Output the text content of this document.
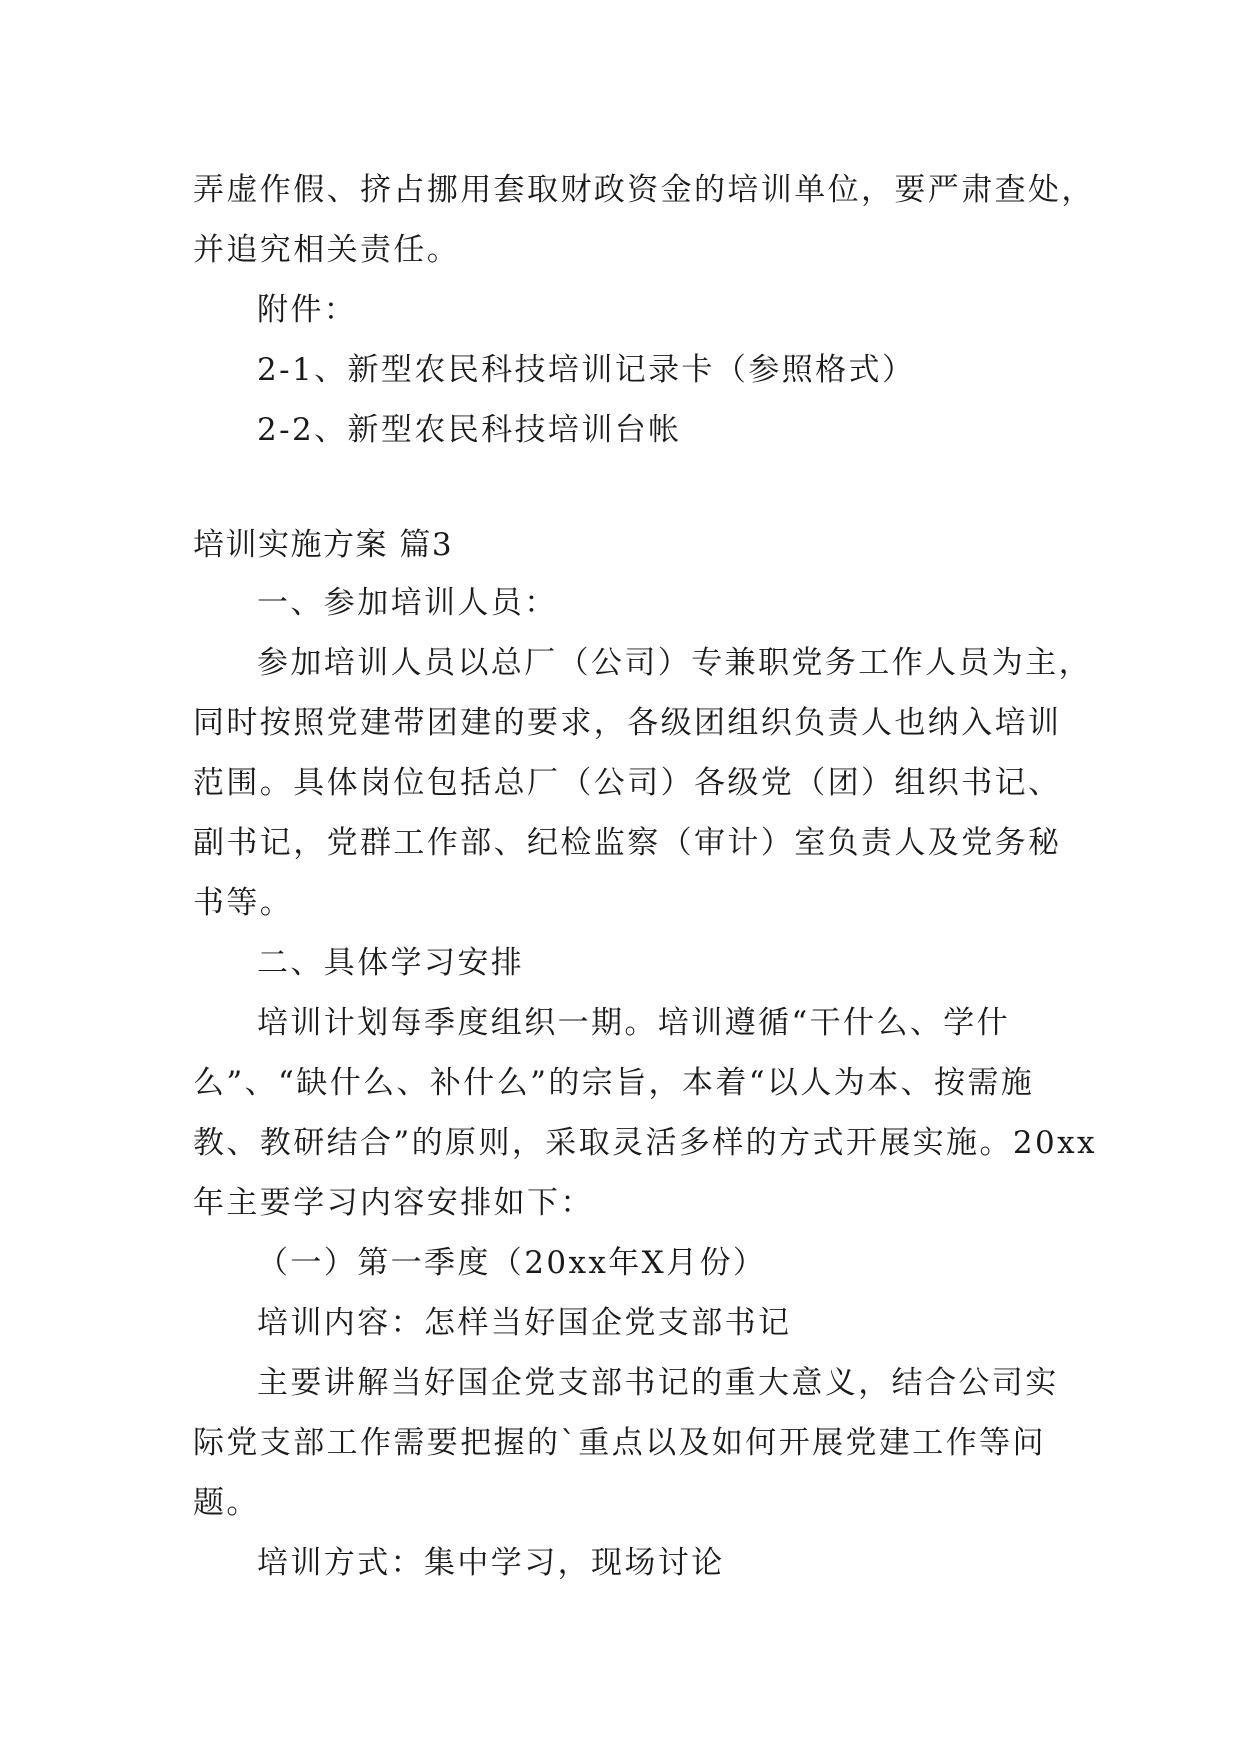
弄虚作假、挤占挪用套取财政资金的培训单位，要严肃查处，
并追究相关责任。
附件：
2-1、新型农民科技培训记录卡（参照格式）
2-2、新型农民科技培训台帐
培训实施方案 篇3
一、参加培训人员：
参加培训人员以总厂（公司）专兼职党务工作人员为主，
同时按照党建带团建的要求，各级团组织负责人也纳入培训
范围。具体岗位包括总厂（公司）各级党（团）组织书记、
副书记，党群工作部、纪检监察（审计）室负责人及党务秘
书等。
二、具体学习安排
培训计划每季度组织一期。培训遵循“干什么、学什
么”、“缺什么、补什么”的宗旨，本着“以人为本、按需施
教、教研结合”的原则，采取灵活多样的方式开展实施。20xx
年主要学习内容安排如下：
（一）第一季度（20xx年X月份）
培训内容：怎样当好国企党支部书记
主要讲解当好国企党支部书记的重大意义，结合公司实
际党支部工作需要把握的`重点以及如何开展党建工作等问
题。
培训方式：集中学习，现场讨论
